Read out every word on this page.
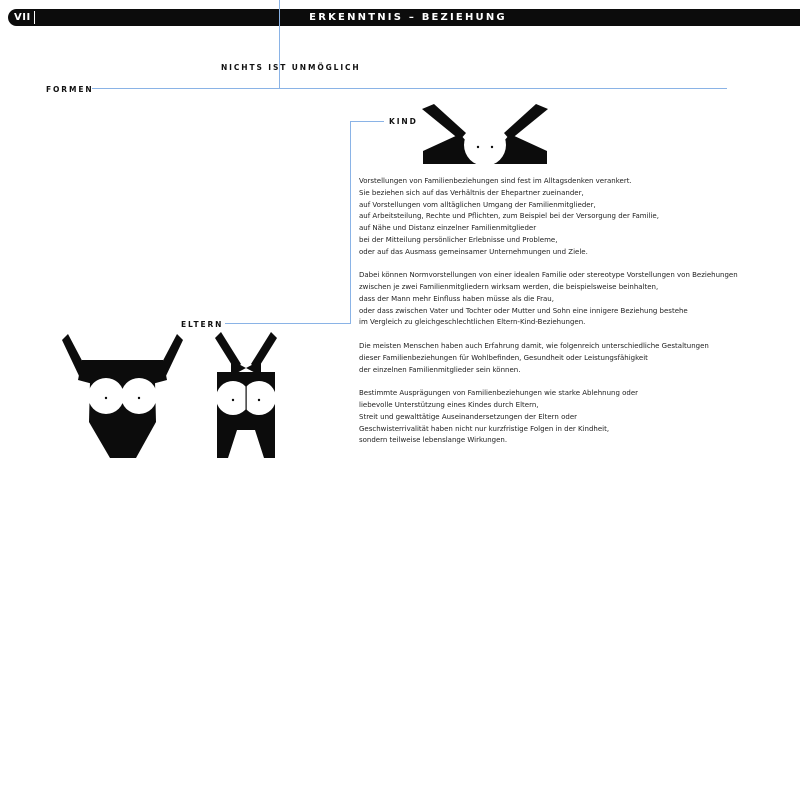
VII	ERKENNTNIS – BEZIEHUNG
NICHTS IST UNMÖGLICH
FORMEN
KIND
ELTERN

Vorstellungen von Familienbeziehungen sind fest im Alltagsdenken verankert.
Sie beziehen sich auf das Verhältnis der Ehepartner zueinander,
auf Vorstellungen vom alltäglichen Umgang der Familienmitglieder,
auf Arbeitsteilung, Rechte und Pflichten, zum Beispiel bei der Versorgung der Familie,
auf Nähe und Distanz einzelner Familienmitglieder
bei der Mitteilung persönlicher Erlebnisse und Probleme,
oder auf das Ausmass gemeinsamer Unternehmungen und Ziele.

Dabei können Normvorstellungen von einer idealen Familie oder stereotype Vorstellungen von Beziehungen
zwischen je zwei Familienmitgliedern wirksam werden, die beispielsweise beinhalten,
dass der Mann mehr Einfluss haben müsse als die Frau,
oder dass zwischen Vater und Tochter oder Mutter und Sohn eine innigere Beziehung bestehe
im Vergleich zu gleichgeschlechtlichen Eltern-Kind-Beziehungen.

Die meisten Menschen haben auch Erfahrung damit, wie folgenreich unterschiedliche Gestaltungen
dieser Familienbeziehungen für Wohlbefinden, Gesundheit oder Leistungsfähigkeit
der einzelnen Familienmitglieder sein können.

Bestimmte Ausprägungen von Familienbeziehungen wie starke Ablehnung oder
liebevolle Unterstützung eines Kindes durch Eltern,
Streit und gewalttätige Auseinandersetzungen der Eltern oder
Geschwisterrivalität haben nicht nur kurzfristige Folgen in der Kindheit,
sondern teilweise lebenslange Wirkungen.
